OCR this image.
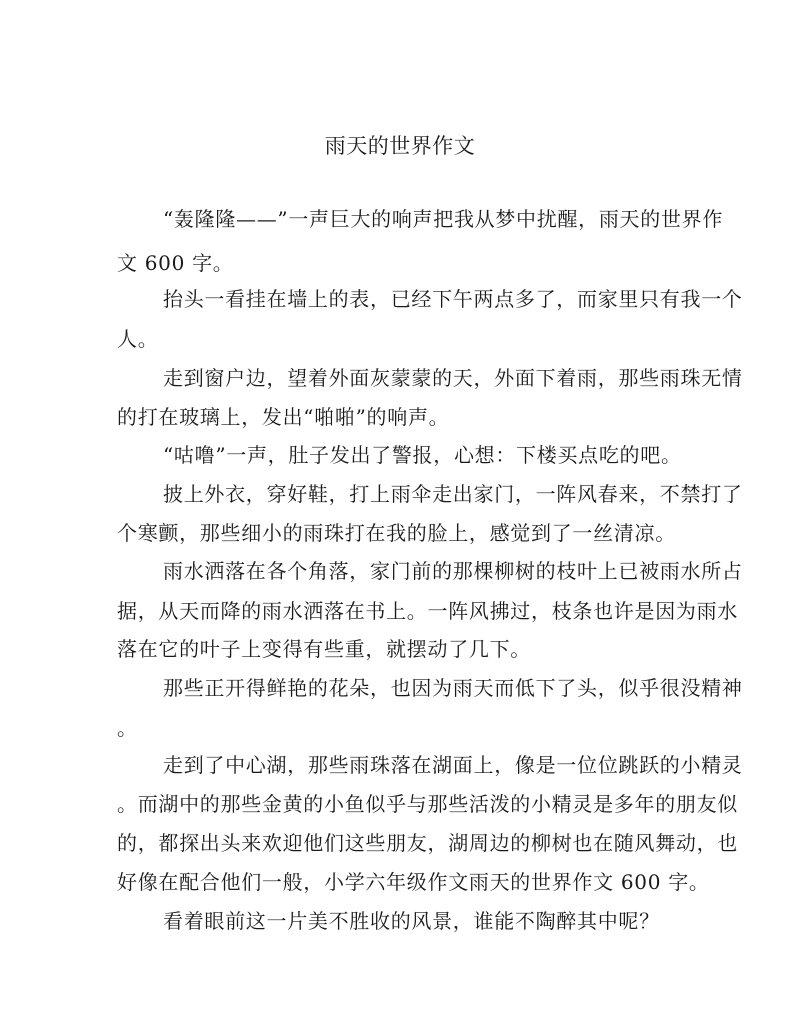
雨天的世界作文
“轰隆隆——”一声巨大的响声把我从梦中扰醒，雨天的世界作
文 600 字。
抬头一看挂在墙上的表，已经下午两点多了，而家里只有我一个
人。
走到窗户边，望着外面灰蒙蒙的天，外面下着雨，那些雨珠无情
的打在玻璃上，发出“啪啪”的响声。
“咕噜”一声，肚子发出了警报，心想：下楼买点吃的吧。
披上外衣，穿好鞋，打上雨伞走出家门，一阵风春来，不禁打了
个寒颤，那些细小的雨珠打在我的脸上，感觉到了一丝清凉。
雨水洒落在各个角落，家门前的那棵柳树的枝叶上已被雨水所占
据，从天而降的雨水洒落在书上。一阵风拂过，枝条也许是因为雨水
落在它的叶子上变得有些重，就摆动了几下。
那些正开得鲜艳的花朵，也因为雨天而低下了头，似乎很没精神
。
走到了中心湖，那些雨珠落在湖面上，像是一位位跳跃的小精灵
。而湖中的那些金黄的小鱼似乎与那些活泼的小精灵是多年的朋友似
的，都探出头来欢迎他们这些朋友，湖周边的柳树也在随风舞动，也
好像在配合他们一般，小学六年级作文雨天的世界作文 600 字。
看着眼前这一片美不胜收的风景，谁能不陶醉其中呢？
